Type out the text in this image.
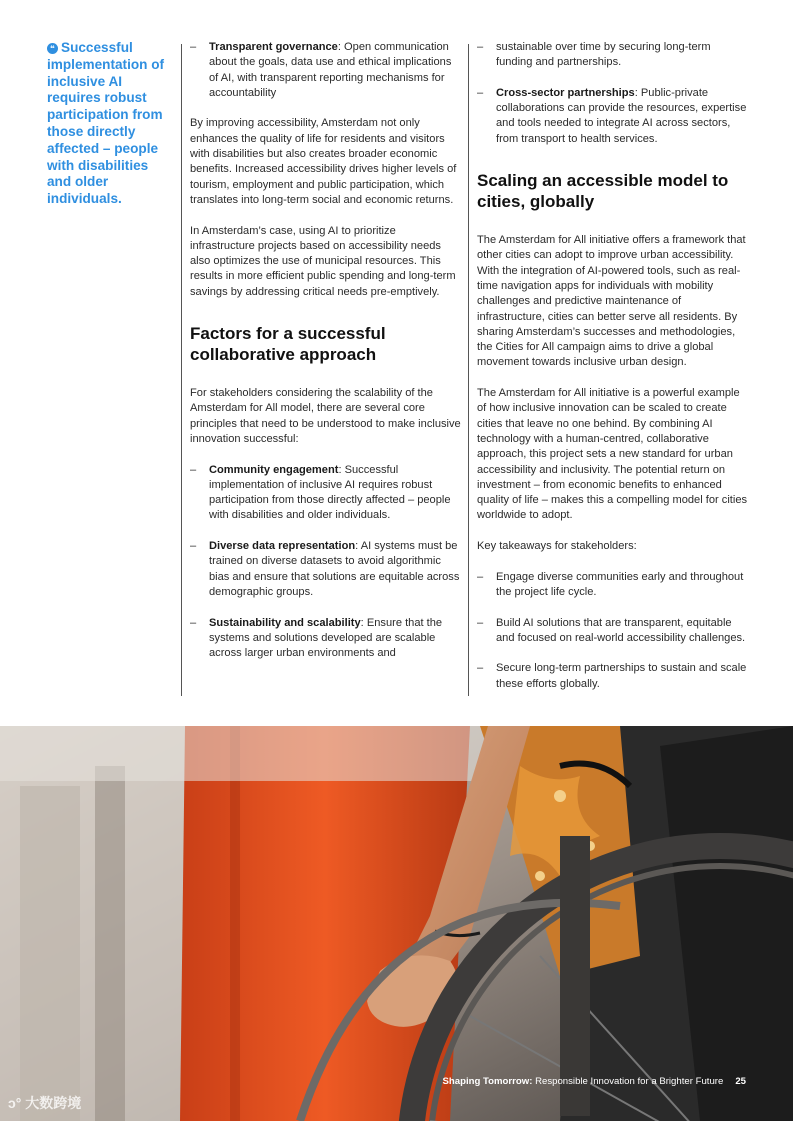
❝ Successful implementation of inclusive AI requires robust participation from those directly affected – people with disabilities and older individuals.
– Transparent governance: Open communication about the goals, data use and ethical implications of AI, with transparent reporting mechanisms for accountability

By improving accessibility, Amsterdam not only enhances the quality of life for residents and visitors with disabilities but also creates broader economic benefits. Increased accessibility drives higher levels of tourism, employment and public participation, which translates into long-term social and economic returns.

In Amsterdam’s case, using AI to prioritize infrastructure projects based on accessibility needs also optimizes the use of municipal resources. This results in more efficient public spending and long-term savings by addressing critical needs pre-emptively.

Factors for a successful collaborative approach

For stakeholders considering the scalability of the Amsterdam for All model, there are several core principles that need to be understood to make inclusive innovation successful:

– Community engagement: Successful implementation of inclusive AI requires robust participation from those directly affected – people with disabilities and older individuals.
– Diverse data representation: AI systems must be trained on diverse datasets to avoid algorithmic bias and ensure that solutions are equitable across demographic groups.
– Sustainability and scalability: Ensure that the systems and solutions developed are scalable across larger urban environments and
– sustainable over time by securing long-term funding and partnerships.
– Cross-sector partnerships: Public-private collaborations can provide the resources, expertise and tools needed to integrate AI across sectors, from transport to health services.
Scaling an accessible model to cities, globally

The Amsterdam for All initiative offers a framework that other cities can adopt to improve urban accessibility. With the integration of AI-powered tools, such as real-time navigation apps for individuals with mobility challenges and predictive maintenance of infrastructure, cities can better serve all residents. By sharing Amsterdam’s successes and methodologies, the Cities for All campaign aims to drive a global movement towards inclusive urban design.

The Amsterdam for All initiative is a powerful example of how inclusive innovation can be scaled to create cities that leave no one behind. By combining AI technology with a human-centred, collaborative approach, this project sets a new standard for urban accessibility and inclusivity. The potential return on investment – from economic benefits to enhanced quality of life – makes this a compelling model for cities worldwide to adopt.

Key takeaways for stakeholders:

– Engage diverse communities early and throughout the project life cycle.
– Build AI solutions that are transparent, equitable and focused on real-world accessibility challenges.
– Secure long-term partnerships to sustain and scale these efforts globally.
Shaping Tomorrow: Responsible Innovation for a Brighter Future 25
ↄ° 大数跨境
